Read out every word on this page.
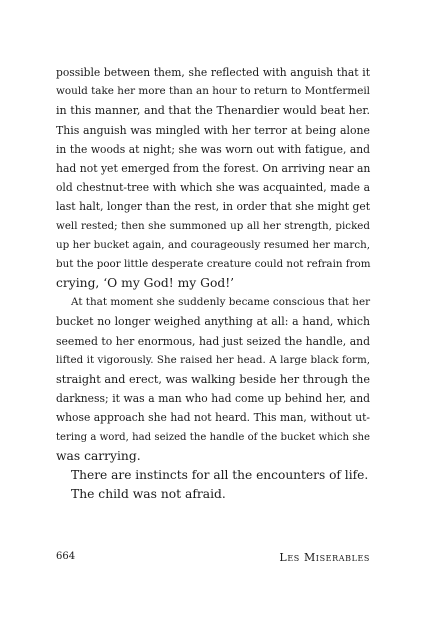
possible between them, she reflected with anguish that it
would take her more than an hour to return to Montfermeil
in this manner, and that the Thenardier would beat her.
This anguish was mingled with her terror at being alone
in the woods at night; she was worn out with fatigue, and
had not yet emerged from the forest. On arriving near an
old chestnut-tree with which she was acquainted, made a
last halt, longer than the rest, in order that she might get
well rested; then she summoned up all her strength, picked
up her bucket again, and courageously resumed her march,
but the poor little desperate creature could not refrain from
crying, ‘O my God! my God!’
At that moment she suddenly became conscious that her
bucket no longer weighed anything at all: a hand, which
seemed to her enormous, had just seized the handle, and
lifted it vigorously. She raised her head. A large black form,
straight and erect, was walking beside her through the
darkness; it was a man who had come up behind her, and
whose approach she had not heard. This man, without ut-
tering a word, had seized the handle of the bucket which she
was carrying.
There are instincts for all the encounters of life.
The child was not afraid.
664	Les Miserables
